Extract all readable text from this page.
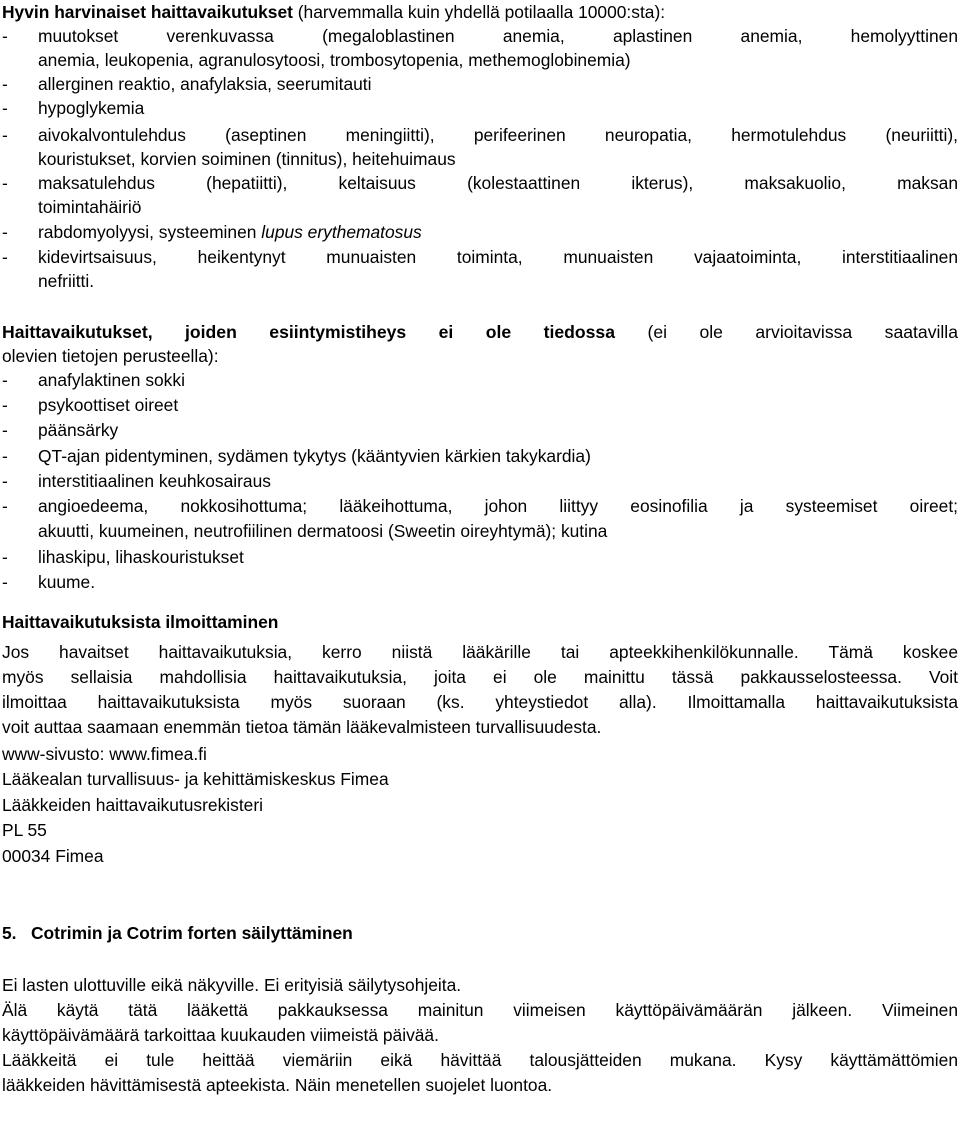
Hyvin harvinaiset haittavaikutukset (harvemmalla kuin yhdellä potilaalla 10000:sta):
- muutokset verenkuvassa (megaloblastinen anemia, aplastinen anemia, hemolyyttinen
anemia, leukopenia, agranulosytoosi, trombosytopenia, methemoglobinemia)
- allerginen reaktio, anafylaksia, seerumitauti
- hypoglykemia
- aivokalvontulehdus (aseptinen meningiitti), perifeerinen neuropatia, hermotulehdus (neuriitti),
kouristukset, korvien soiminen (tinnitus), heitehuimaus
- maksatulehdus (hepatiitti), keltaisuus (kolestaattinen ikterus), maksakuolio, maksan
toimintahäiriö
- rabdomyolyysi, systeeminen lupus erythematosus
- kidevirtsaisuus, heikentynyt munuaisten toiminta, munuaisten vajaatoiminta, interstitiaalinen
nefriitti.
Haittavaikutukset, joiden esiintymistiheys ei ole tiedossa (ei ole arvioitavissa saatavilla
olevien tietojen perusteella):
- anafylaktinen sokki
- psykoottiset oireet
- päänsärky
- QT-ajan pidentyminen, sydämen tykytys (kääntyvien kärkien takykardia)
- interstitiaalinen keuhkosairaus
- angioedeema, nokkosihottuma; lääkeihottuma, johon liittyy eosinofilia ja systeemiset oireet;
akuutti, kuumeinen, neutrofiilinen dermatoosi (Sweetin oireyhtymä); kutina
- lihaskipu, lihaskouristukset
- kuume.
Haittavaikutuksista ilmoittaminen
Jos havaitset haittavaikutuksia, kerro niistä lääkärille tai apteekkihenkilökunnalle. Tämä koskee
myös sellaisia mahdollisia haittavaikutuksia, joita ei ole mainittu tässä pakkausselosteessa. Voit
ilmoittaa haittavaikutuksista myös suoraan (ks. yhteystiedot alla). Ilmoittamalla haittavaikutuksista
voit auttaa saamaan enemmän tietoa tämän lääkevalmisteen turvallisuudesta.
www-sivusto: www.fimea.fi
Lääkealan turvallisuus- ja kehittämiskeskus Fimea
Lääkkeiden haittavaikutusrekisteri
PL 55
00034 Fimea
5.   Cotrimin ja Cotrim forten säilyttäminen
Ei lasten ulottuville eikä näkyville. Ei erityisiä säilytysohjeita.
Älä käytä tätä lääkettä pakkauksessa mainitun viimeisen käyttöpäivämäärän jälkeen. Viimeinen
käyttöpäivämäärä tarkoittaa kuukauden viimeistä päivää.
Lääkkeitä ei tule heittää viemäriin eikä hävittää talousjätteiden mukana. Kysy käyttämättömien
lääkkeiden hävittämisestä apteekista. Näin menetellen suojelet luontoa.
